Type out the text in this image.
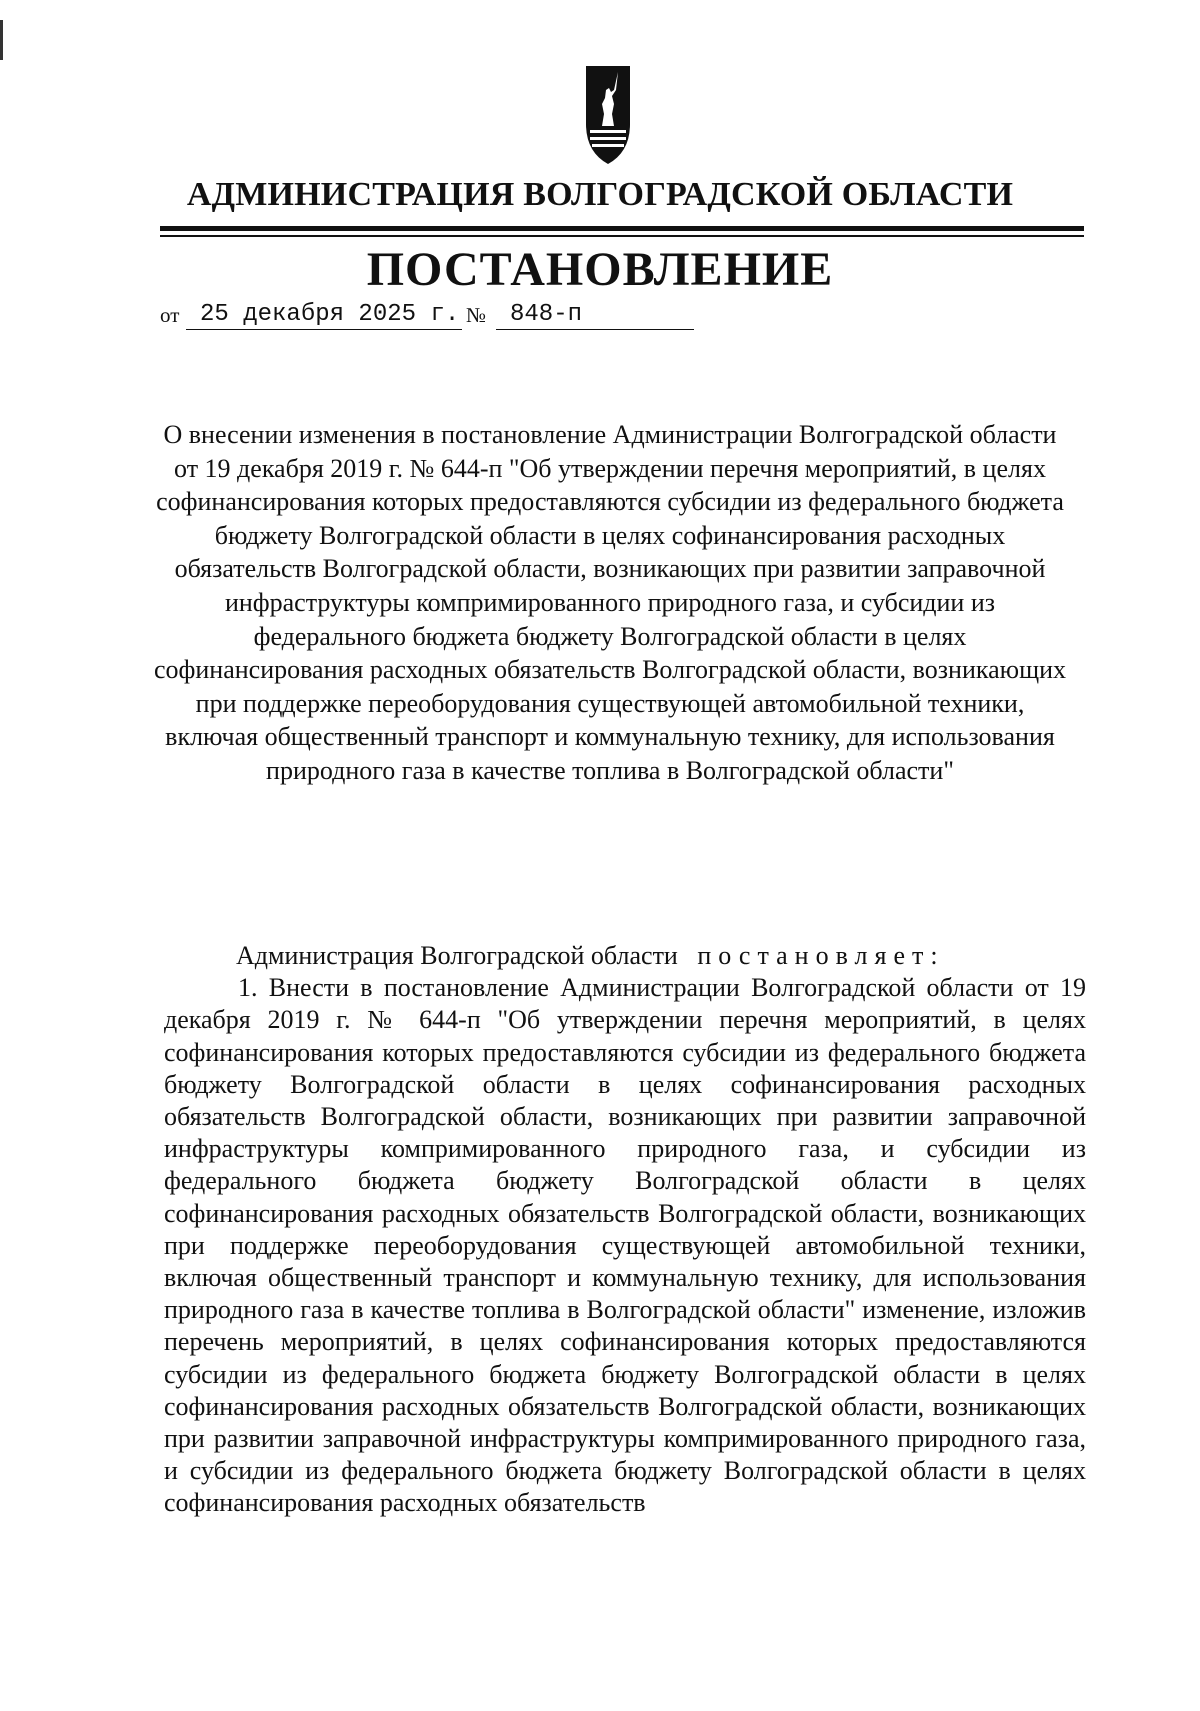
АДМИНИСТРАЦИЯ ВОЛГОГРАДСКОЙ ОБЛАСТИ
ПОСТАНОВЛЕНИЕ
от 25 декабря 2025 г. № 848-п
О внесении изменения в постановление Администрации Волгоградской области от 19 декабря 2019 г. № 644-п "Об утверждении перечня мероприятий, в целях софинансирования которых предоставляются субсидии из федерального бюджета бюджету Волгоградской области в целях софинансирования расходных обязательств Волгоградской области, возникающих при развитии заправочной инфраструктуры компримированного природного газа, и субсидии из федерального бюджета бюджету Волгоградской области в целях софинансирования расходных обязательств Волгоградской области, возникающих при поддержке переоборудования существующей автомобильной техники, включая общественный транспорт и коммунальную технику, для использования природного газа в качестве топлива в Волгоградской области"

Администрация Волгоградской области постановляет:

1. Внести в постановление Администрации Волгоградской области от 19 декабря 2019 г. № 644-п "Об утверждении перечня мероприятий, в целях софинансирования которых предоставляются субсидии из федерального бюджета бюджету Волгоградской области в целях софинансирования расходных обязательств Волгоградской области, возникающих при развитии заправочной инфраструктуры компримированного природного газа, и субсидии из федерального бюджета бюджету Волгоградской области в целях софинансирования расходных обязательств Волгоградской области, возникающих при поддержке переоборудования существующей автомобильной техники, включая общественный транспорт и коммунальную технику, для использования природного газа в качестве топлива в Волгоградской области" изменение, изложив перечень мероприятий, в целях софинансирования которых предоставляются субсидии из федерального бюджета бюджету Волгоградской области в целях софинансирования расходных обязательств Волгоградской области, возникающих при развитии заправочной инфраструктуры компримированного природного газа, и субсидии из федерального бюджета бюджету Волгоградской области в целях софинансирования расходных обязательств
